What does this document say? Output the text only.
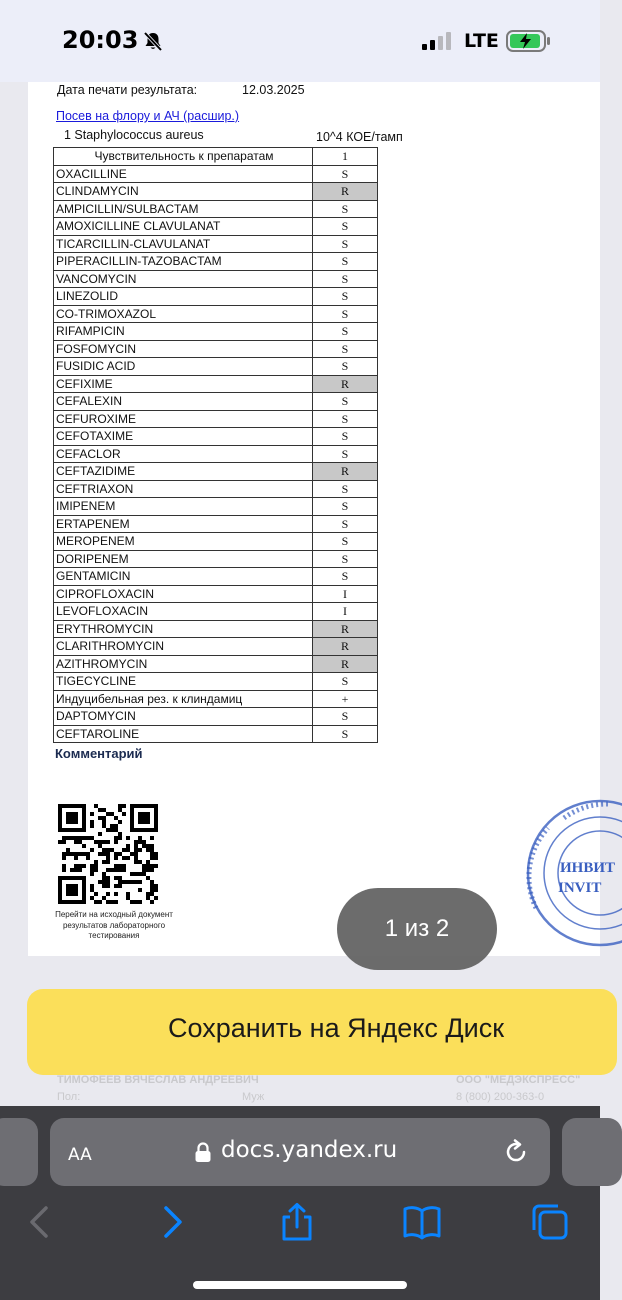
20:03	LTE
Дата печати результата:	12.03.2025
Посев на флору и АЧ (расшир.)
1 Staphylococcus aureus	10^4 КОЕ/тамп
Чувствительность к препаратам	1
OXACILLINE	S
CLINDAMYCIN	R
AMPICILLIN/SULBACTAM	S
AMOXICILLINE CLAVULANAT	S
TICARCILLIN-CLAVULANAT	S
PIPERACILLIN-TAZOBACTAM	S
VANCOMYCIN	S
LINEZOLID	S
CO-TRIMOXAZOL	S
RIFAMPICIN	S
FOSFOMYCIN	S
FUSIDIC ACID	S
CEFIXIME	R
CEFALEXIN	S
CEFUROXIME	S
CEFOTAXIME	S
CEFACLOR	S
CEFTAZIDIME	R
CEFTRIAXON	S
IMIPENEM	S
ERTAPENEM	S
MEROPENEM	S
DORIPENEM	S
GENTAMICIN	S
CIPROFLOXACIN	I
LEVOFLOXACIN	I
ERYTHROMYCIN	R
CLARITHROMYCIN	R
AZITHROMYCIN	R
TIGECYCLINE	S
Индуцибельная рез. к клиндамиц	+
DAPTOMYCIN	S
CEFTAROLINE	S
Комментарий
Перейти на исходный документ результатов лабораторного тестирования
ИНВИТ
INVIT
1 из 2
Сохранить на Яндекс Диск
ТИМОФЕЕВ ВЯЧЕСЛАВ АНДРЕЕВИЧ	ООО "МЕДЭКСПРЕСС"
Пол:	Муж	8 (800) 200-363-0
AA	docs.yandex.ru
